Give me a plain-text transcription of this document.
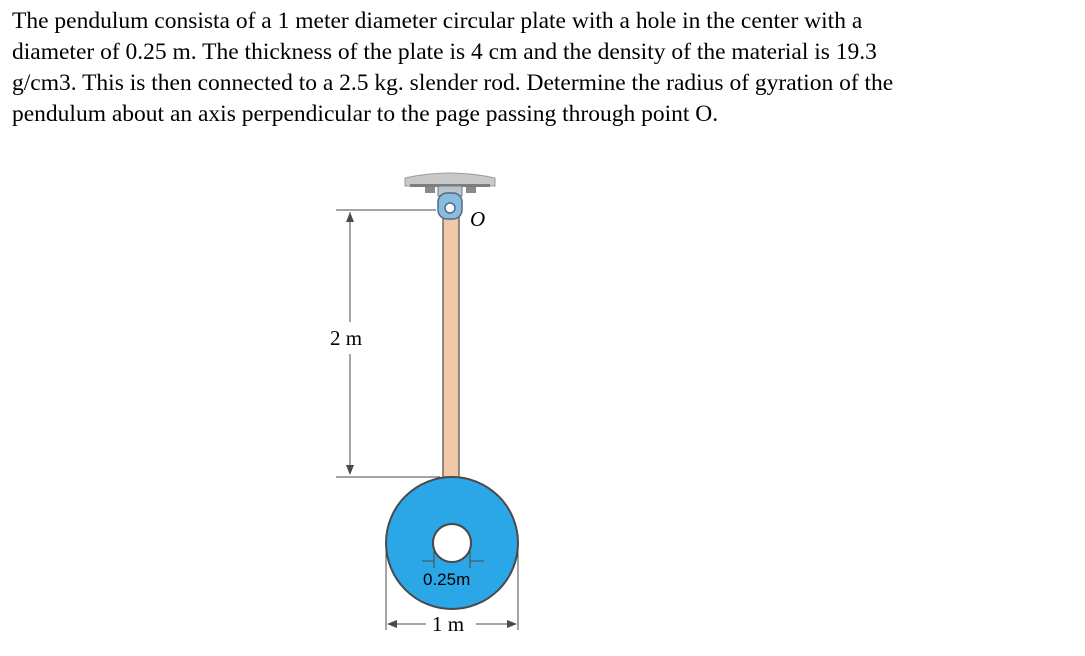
The pendulum consista of a 1 meter diameter circular plate with a hole in the center with a
diameter of 0.25 m. The thickness of the plate is 4 cm and the density of the material is 19.3
g/cm3. This is then connected to a 2.5 kg. slender rod. Determine the radius of gyration of the
pendulum about an axis perpendicular to the page passing through point O.
O
0.25m
2 m
1 m
